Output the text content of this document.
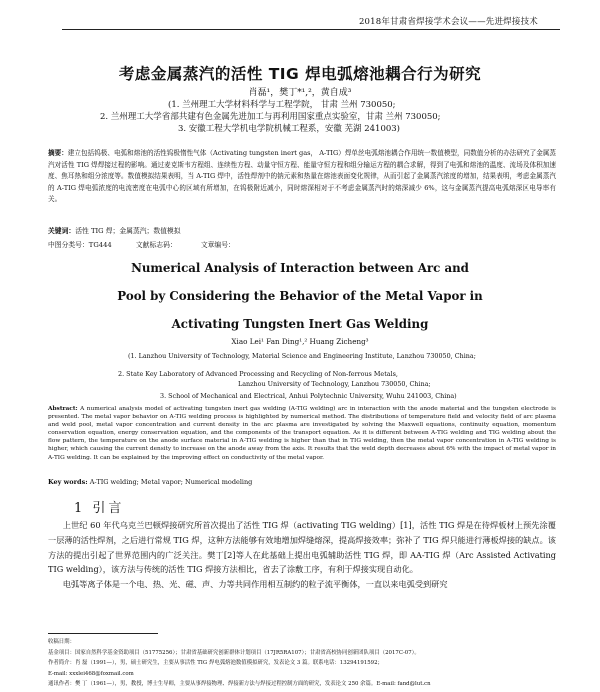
2018年甘肃省焊接学术会议——先进焊接技术
考虑金属蒸汽的活性 TIG 焊电弧熔池耦合行为研究
肖磊¹，樊丁*¹,²，黄自成³
(1. 兰州理工大学材料科学与工程学院， 甘肃 兰州 730050;
2. 兰州理工大学省部共建有色金属先进加工与再利用国家重点实验室，甘肃 兰州 730050;
3. 安徽工程大学机电学院机械工程系，安徽 芜湖 241003)
摘要：建立包括钨极、电弧和熔池的活性钨极惰性气体（Activating tungsten inert gas， A-TIG）焊单丝电弧熔池耦合作用统一数值模型，同数值分析的办法研究了金属蒸汽对活性 TIG 焊焊接过程的影响。通过麦克斯韦方程组、连续性方程、动量守恒方程、能量守恒方程和组分输运方程的耦合求解，得到了电弧和熔池的温度、流场及体积加速度、焦耳热和组分浓度等。数值模拟结果表明，当 A-TIG 焊中，活性焊剂中的钠元素和热量在熔池表面变化规律，从而引起了金属蒸汽浓度的增加，结果表明，考虑金属蒸汽的 A-TIG 焊电弧浓度的电流密度在电弧中心的区域有所增加，在钨极附近减小，同时熔深相对于不考虑金属蒸汽时的熔深减少 6%，这与金属蒸汽提高电弧熔深区电导率有关。
关键词：活性 TIG 焊；金属蒸汽；数值模拟
中图分类号：TG444	文献标志码：	文章编号：
Numerical Analysis of Interaction between Arc and
Pool by Considering the Behavior of the Metal Vapor in
Activating Tungsten Inert Gas Welding
Xiao Lei¹ Fan Ding¹,² Huang Zicheng³
(1. Lanzhou University of Technology, Material Science and Engineering Institute, Lanzhou 730050, China;
2. State Key Laboratory of Advanced Processing and Recycling of Non-ferrous Metals,
Lanzhou University of Technology, Lanzhou 730050, China;
3. School of Mechanical and Electrical, Anhui Polytechnic University, Wuhu 241003, China)
Abstract: A numerical analysis model of activating tungsten inert gas welding (A-TIG welding) arc in interaction with the anode material and the tungsten electrode is presented. The metal vapor behavior on A-TIG welding process is highlighted by numerical method. The distributions of temperature field and velocity field of arc plasma and weld pool, metal vapor concentration and current density in the arc plasma are investigated by solving the Maxwell equations, continuity equation, momentum conservation equation, energy conservation equation, and the components of the transport equation. As it is different between A-TIG welding and TIG welding about the flow pattern, the temperature on the anode surface material in A-TIG welding is higher than that in TIG welding, then the metal vapor concentration in A-TIG welding is higher, which causing the current density to increase on the anode away from the axis. It results that the weld depth decreases about 6% with the impact of metal vapor in A-TIG welding. It can be explained by the improving effect on conductivity of the metal vapor.
Key words: A-TIG welding; Metal vapor; Numerical modeling
1 引言

上世纪 60 年代乌克兰巴顿焊接研究所首次提出了活性 TIG 焊（activating TIG welding）[1]，活性 TIG 焊是在待焊板材上预先涂覆一层薄的活性焊剂，之后进行常规 TIG 焊，这种方法能够有效地增加焊缝熔深，提高焊接效率；弥补了 TIG 焊只能进行薄板焊接的缺点。该方法的提出引起了世界范围内的广泛关注。樊丁[2]等人在此基础上提出电弧辅助活性 TIG 焊，即 AA-TIG 焊（Arc Assisted Activating TIG welding），该方法与传统的活性 TIG 焊接方法相比，省去了涂敷工序，有利于焊接实现自动化。

电弧等离子体是一个电、热、光、磁、声、力等共同作用相互制约的粒子流平衡体，一直以来电弧受到研究

收稿日期：
基金项目：国家自然科学基金资助项目（51775256）；甘肃省基础研究创新群体计划项目（17JR5RA107）；甘肃省高校协同创新团队项目（2017C-07）。
作者简介：肖 磊（1991—），男，硕士研究生，主要从事活性 TIG 焊电弧熔池数值模拟研究，发表论文 3 篇。联系电话：13294191592；
E-mail: xxxlei468@foxmail.com
通讯作者：樊 丁（1961—），男，教授，博士生导师，主要从事焊接物理、焊接新方法与焊接过程控制方面的研究，发表论文 250 余篇。E-mail: fand@lut.cn
